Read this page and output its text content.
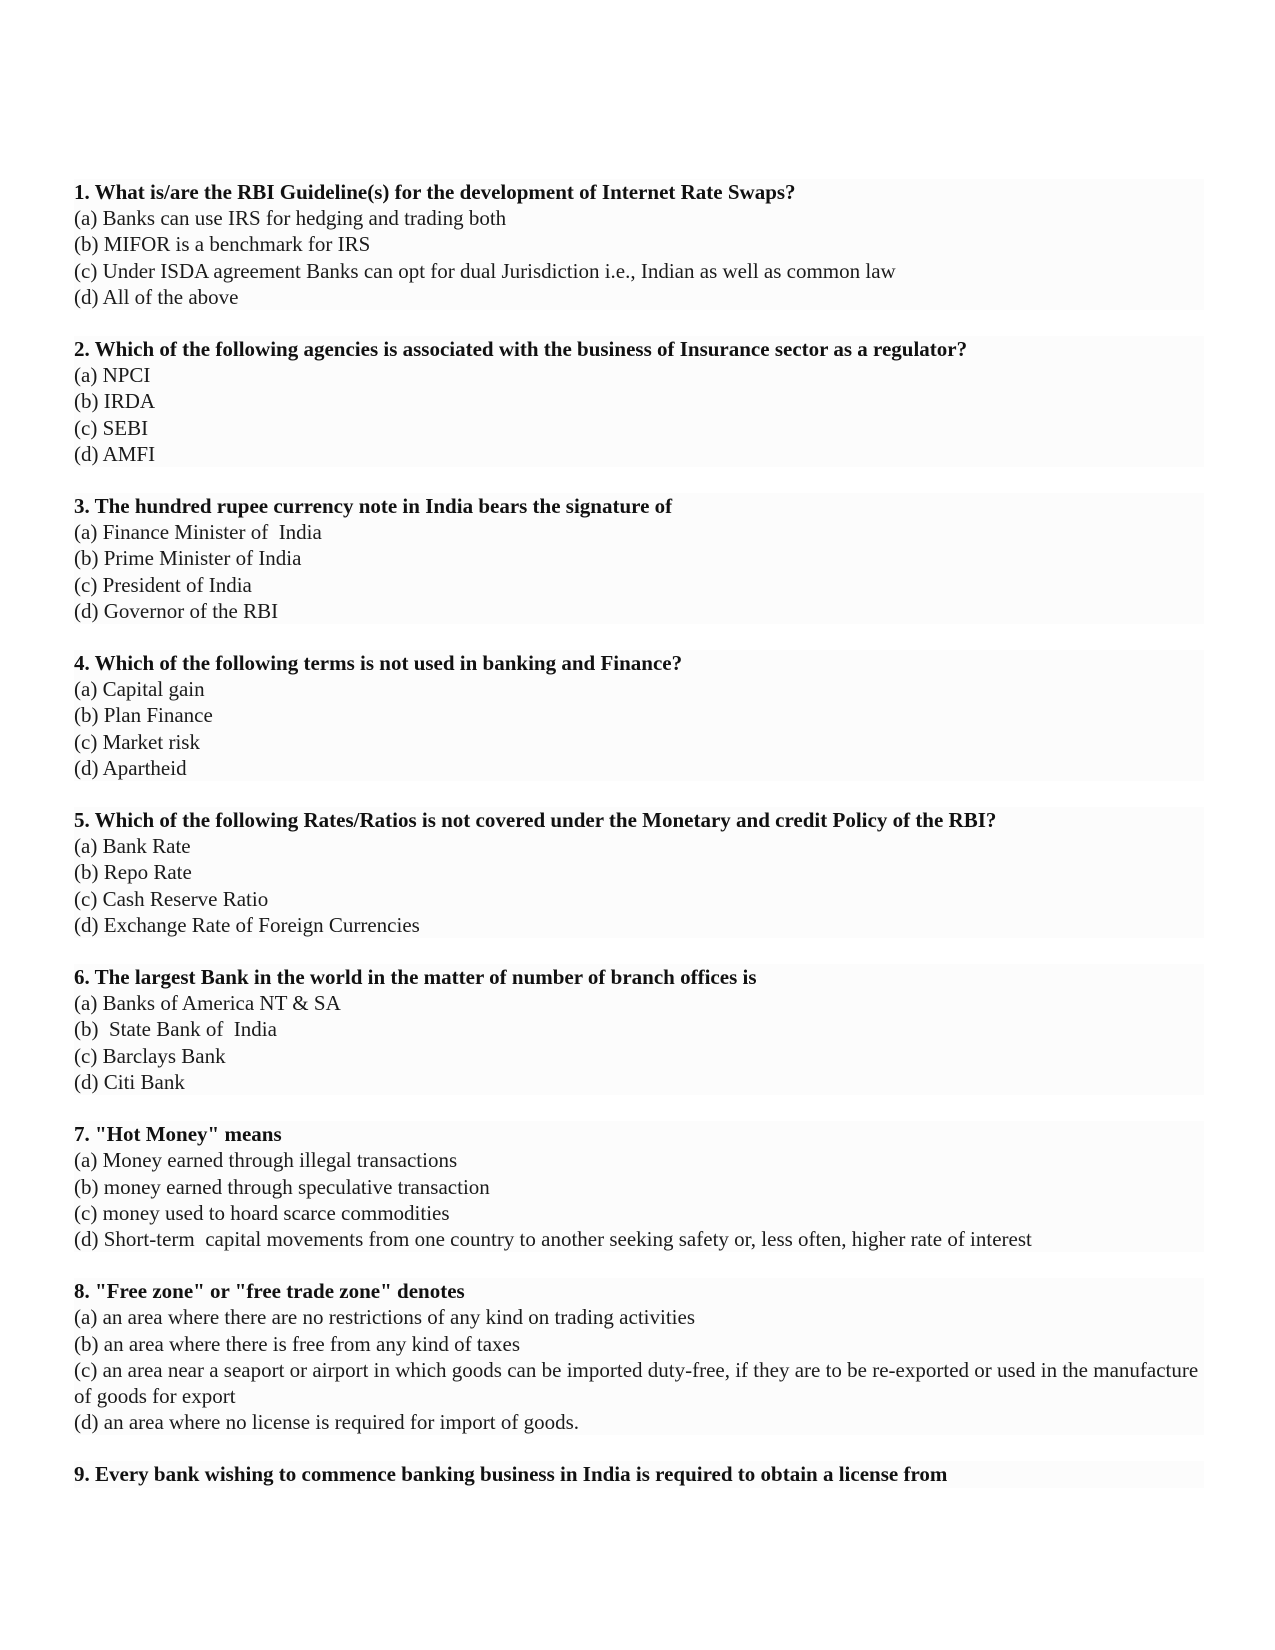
1. What is/are the RBI Guideline(s) for the development of Internet Rate Swaps?

(a) Banks can use IRS for hedging and trading both
(b) MIFOR is a benchmark for IRS
(c) Under ISDA agreement Banks can opt for dual Jurisdiction i.e., Indian as well as common law
(d) All of the above

2. Which of the following agencies is associated with the business of Insurance sector as a regulator?

(a) NPCI
(b) IRDA
(c) SEBI
(d) AMFI

3. The hundred rupee currency note in India bears the signature of

(a) Finance Minister of  India
(b) Prime Minister of India
(c) President of India
(d) Governor of the RBI

4. Which of the following terms is not used in banking and Finance?

(a) Capital gain
(b) Plan Finance
(c) Market risk
(d) Apartheid

5. Which of the following Rates/Ratios is not covered under the Monetary and credit Policy of the RBI?

(a) Bank Rate
(b) Repo Rate
(c) Cash Reserve Ratio
(d) Exchange Rate of Foreign Currencies

6. The largest Bank in the world in the matter of number of branch offices is

(a) Banks of America NT & SA
(b)  State Bank of  India
(c) Barclays Bank
(d) Citi Bank

7. "Hot Money" means

(a) Money earned through illegal transactions
(b) money earned through speculative transaction
(c) money used to hoard scarce commodities
(d) Short-term  capital movements from one country to another seeking safety or, less often, higher rate of interest

8. "Free zone" or "free trade zone" denotes

(a) an area where there are no restrictions of any kind on trading activities
(b) an area where there is free from any kind of taxes
(c) an area near a seaport or airport in which goods can be imported duty-free, if they are to be re-exported or used in the manufacture of goods for export
(d) an area where no license is required for import of goods.

9. Every bank wishing to commence banking business in India is required to obtain a license from
